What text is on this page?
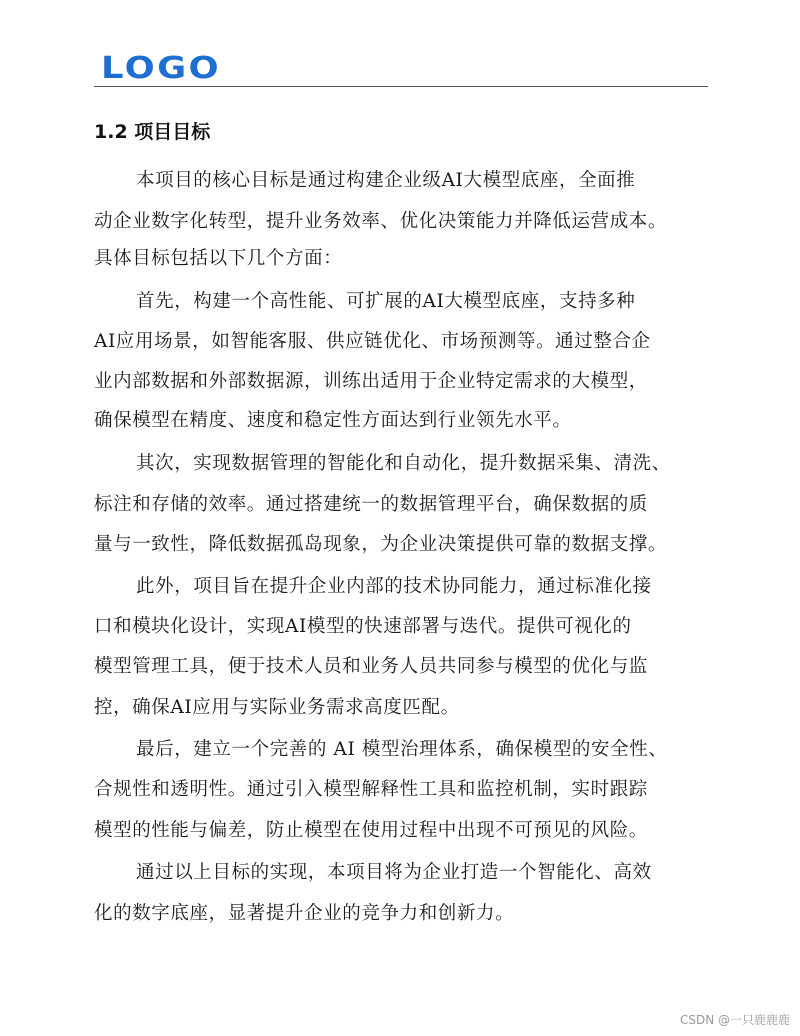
LOGO
1.2 项目目标
本项目的核心目标是通过构建企业级AI大模型底座，全面推
动企业数字化转型，提升业务效率、优化决策能力并降低运营成本。
具体目标包括以下几个方面：
首先，构建一个高性能、可扩展的AI大模型底座，支持多种
AI应用场景，如智能客服、供应链优化、市场预测等。通过整合企
业内部数据和外部数据源，训练出适用于企业特定需求的大模型，
确保模型在精度、速度和稳定性方面达到行业领先水平。
其次，实现数据管理的智能化和自动化，提升数据采集、清洗、
标注和存储的效率。通过搭建统一的数据管理平台，确保数据的质
量与一致性，降低数据孤岛现象，为企业决策提供可靠的数据支撑。
此外，项目旨在提升企业内部的技术协同能力，通过标准化接
口和模块化设计，实现AI模型的快速部署与迭代。提供可视化的
模型管理工具，便于技术人员和业务人员共同参与模型的优化与监
控，确保AI应用与实际业务需求高度匹配。
最后，建立一个完善的 AI 模型治理体系，确保模型的安全性、
合规性和透明性。通过引入模型解释性工具和监控机制，实时跟踪
模型的性能与偏差，防止模型在使用过程中出现不可预见的风险。
通过以上目标的实现，本项目将为企业打造一个智能化、高效
化的数字底座，显著提升企业的竞争力和创新力。
CSDN @一只鹿鹿鹿
